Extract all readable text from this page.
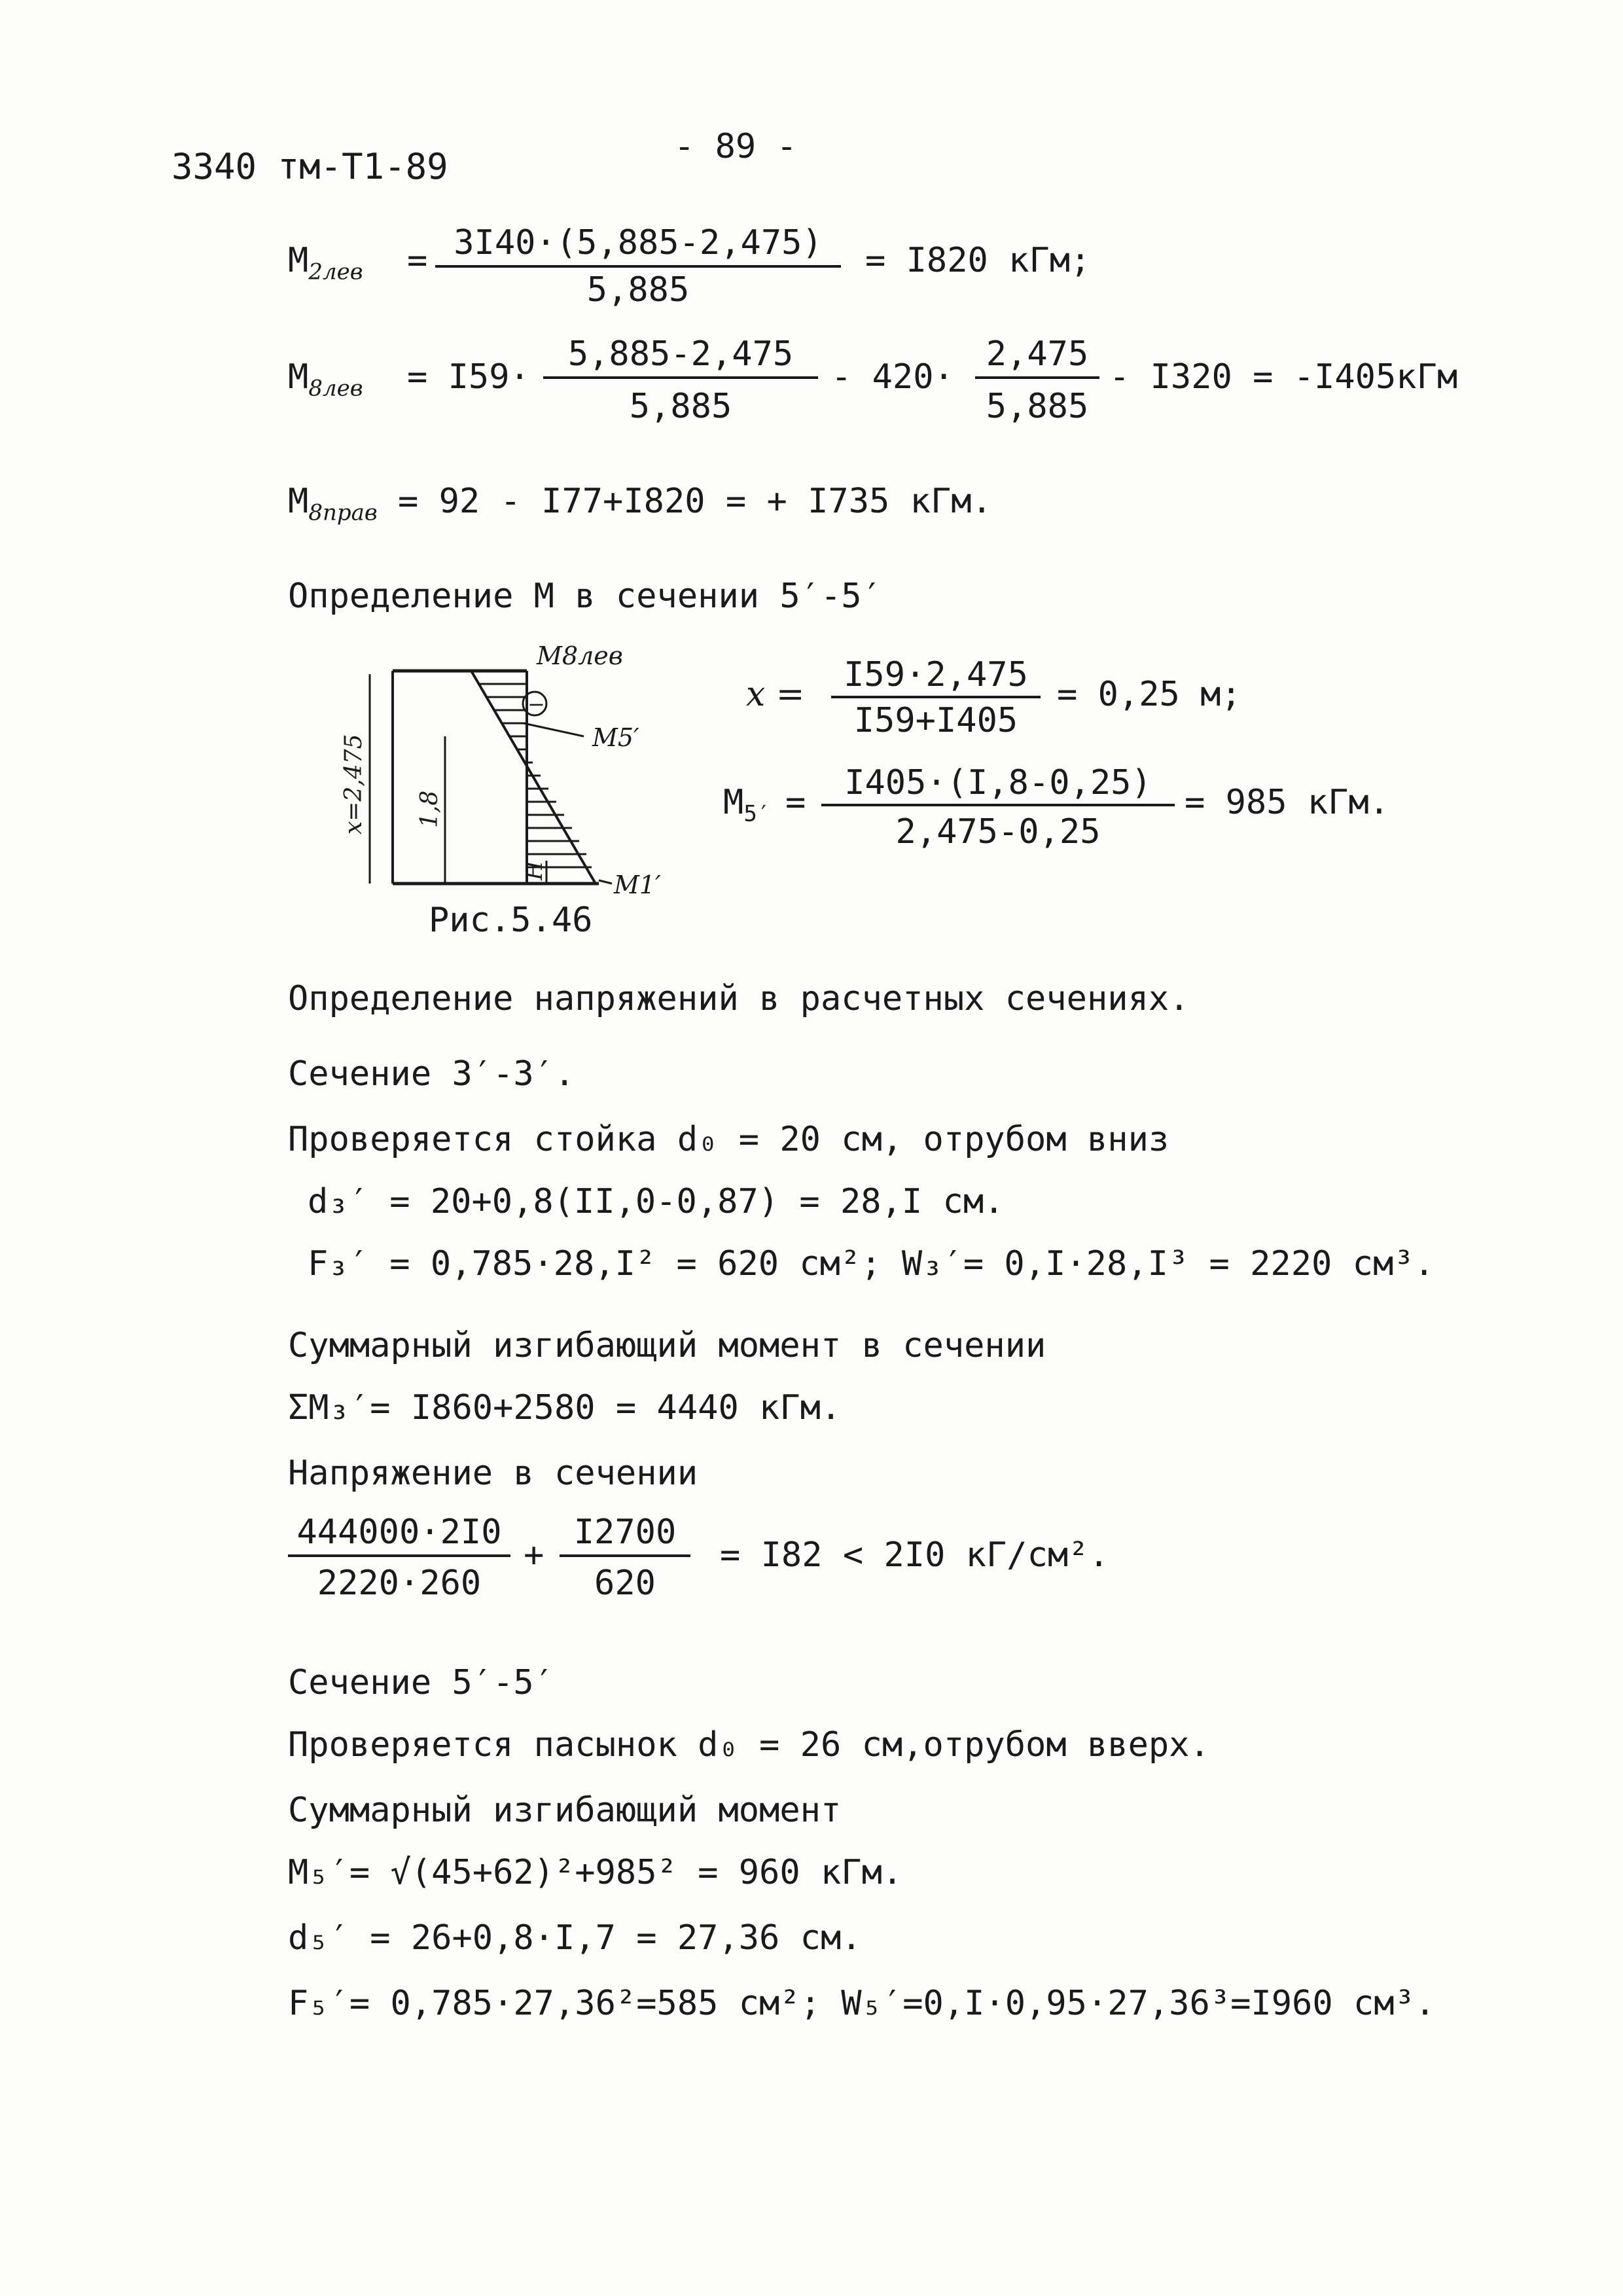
3340 тм-Т1-89	- 89 -
$M_{2лев} = 3I40\cdot(5,885-2,475)$
5,885
= I820 кГм;
$M_{8лев} = I59\cdot$
5,885-2,475
5,885
- 420·
2,475
5,885
- I320 = -I405кГм
$M_{8прав} = 92 - I77+I820$ = + I735 кГм.
Определение M в сечении 5′-5′
−
M8лев
M5′
M1′
x=2,475 1,8
H
Рис.5.46
x =	I59·2,475
I59+I405
= 0,25 м;
$M_{5'}$ =	I405·(I,8-0,25)
2,475-0,25
= 985 кГм.
Определение напряжений в расчетных сечениях.
Сечение 3′-3′.
Проверяется стойка d₀ = 20 см, отрубом вниз
d₃′ = 20+0,8(II,0-0,87) = 28,I см.
F₃′ = 0,785·28,I² = 620 см²; W₃′= 0,I·28,I³ = 2220 см³.
Суммарный изгибающий момент в сечении
ΣM₃′= I860+2580 = 4440 кГм.
Напряжение в сечении
444000·2I0
2220·260
+
I2700
620
= I82 < 2I0 кГ/см².
Сечение 5′-5′
Проверяется пасынок d₀ = 26 см,отрубом вверх.
Суммарный изгибающий момент
M₅′= √(45+62)²+985² = 960 кГм.
d₅′ = 26+0,8·I,7 = 27,36 см.
F₅′= 0,785·27,36²=585 см²; W₅′=0,I·0,95·27,36³=I960 см³.
